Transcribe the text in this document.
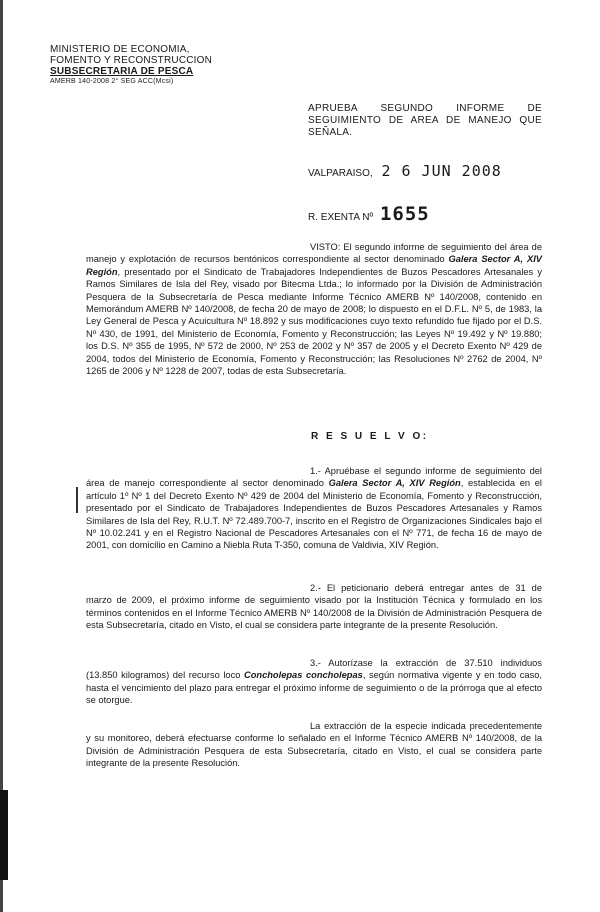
MINISTERIO DE ECONOMIA,
FOMENTO Y RECONSTRUCCION
SUBSECRETARIA DE PESCA
AMERB 140-2008 2° SEG ACC(Mcsi)
APRUEBA SEGUNDO INFORME DE
SEGUIMIENTO DE AREA DE MANEJO QUE
SEÑALA.
VALPARAISO, 2 6 JUN 2008
R. EXENTA Nº 1655
VISTO: El segundo informe de seguimiento del área de manejo y explotación de recursos bentónicos correspondiente al sector denominado Galera Sector A, XIV Región, presentado por el Sindicato de Trabajadores Independientes de Buzos Pescadores Artesanales y Ramos Similares de Isla del Rey, visado por Bitecma Ltda.; lo informado por la División de Administración Pesquera de la Subsecretaría de Pesca mediante Informe Técnico AMERB Nº 140/2008, contenido en Memorándum AMERB Nº 140/2008, de fecha 20 de mayo de 2008; lo dispuesto en el D.F.L. Nº 5, de 1983, la Ley General de Pesca y Acuicultura Nº 18.892 y sus modificaciones cuyo texto refundido fue fijado por el D.S. Nº 430, de 1991, del Ministerio de Economía, Fomento y Reconstrucción; las Leyes Nº 19.492 y Nº 19.880; los D.S. Nº 355 de 1995, Nº 572 de 2000, Nº 253 de 2002 y Nº 357 de 2005 y el Decreto Exento Nº 429 de 2004, todos del Ministerio de Economía, Fomento y Reconstrucción; las Resoluciones Nº 2762 de 2004, Nº 1265 de 2006 y Nº 1228 de 2007, todas de esta Subsecretaría.
R E S U E L V O:
1.- Apruébase el segundo informe de seguimiento del área de manejo correspondiente al sector denominado Galera Sector A, XIV Región, establecida en el artículo 1º Nº 1 del Decreto Exento Nº 429 de 2004 del Ministerio de Economía, Fomento y Reconstrucción, presentado por el Sindicato de Trabajadores Independientes de Buzos Pescadores Artesanales y Ramos Similares de Isla del Rey, R.U.T. Nº 72.489.700-7, inscrito en el Registro de Organizaciones Sindicales bajo el Nº 10.02.241 y en el Registro Nacional de Pescadores Artesanales con el Nº 771, de fecha 16 de mayo de 2001, con domicilio en Camino a Niebla Ruta T-350, comuna de Valdivia, XIV Región.
2.- El peticionario deberá entregar antes de 31 de marzo de 2009, el próximo informe de seguimiento visado por la Institución Técnica y formulado en los términos contenidos en el Informe Técnico AMERB Nº 140/2008 de la División de Administración Pesquera de esta Subsecretaría, citado en Visto, el cual se considera parte integrante de la presente Resolución.
3.- Autorízase la extracción de 37.510 individuos (13.850 kilogramos) del recurso loco Concholepas concholepas, según normativa vigente y en todo caso, hasta el vencimiento del plazo para entregar el próximo informe de seguimiento o de la prórroga que al efecto se otorgue.
La extracción de la especie indicada precedentemente y su monitoreo, deberá efectuarse conforme lo señalado en el Informe Técnico AMERB Nº 140/2008, de la División de Administración Pesquera de esta Subsecretaría, citado en Visto, el cual se considera parte integrante de la presente Resolución.
